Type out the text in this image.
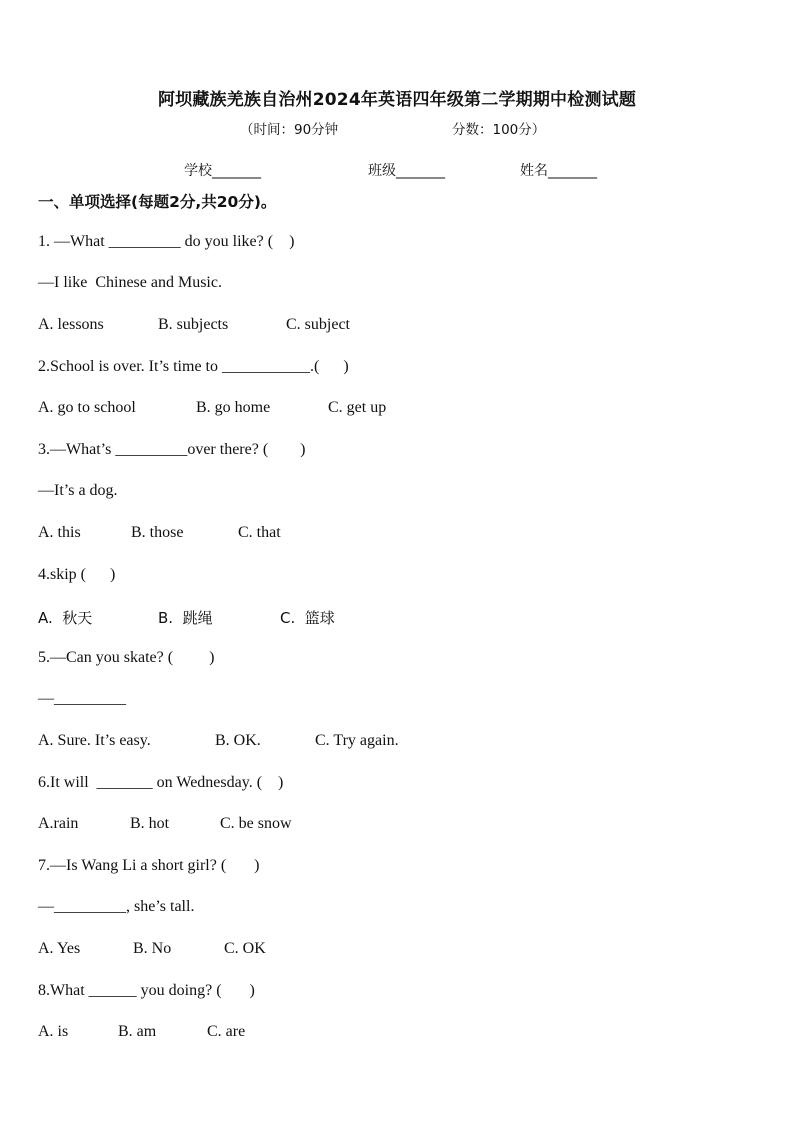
阿坝藏族羌族自治州2024年英语四年级第二学期期中检测试题
（时间：90分钟	分数：100分）
学校_______	班级_______	姓名_______
一、单项选择(每题2分,共20分)。
1. —What _________ do you like? (    )
—I like  Chinese and Music.
A. lessons	B. subjects	C. subject
2.School is over. It’s time to ___________.(      )
A. go to school	B. go home	C. get up
3.—What’s _________over there? (        )
—It’s a dog.
A. this	B. those	C. that
4.skip (      )
A.  秋天	B.  跳绳	C.  篮球
5.—Can you skate? (         )
—_________
A. Sure. It’s easy.	B. OK.	C. Try again.
6.It will  _______ on Wednesday. (    )
A.rain	B. hot	C. be snow
7.—Is Wang Li a short girl? (       )
—_________, she’s tall.
A. Yes	B. No	C. OK
8.What ______ you doing? (       )
A. is	B. am	C. are
